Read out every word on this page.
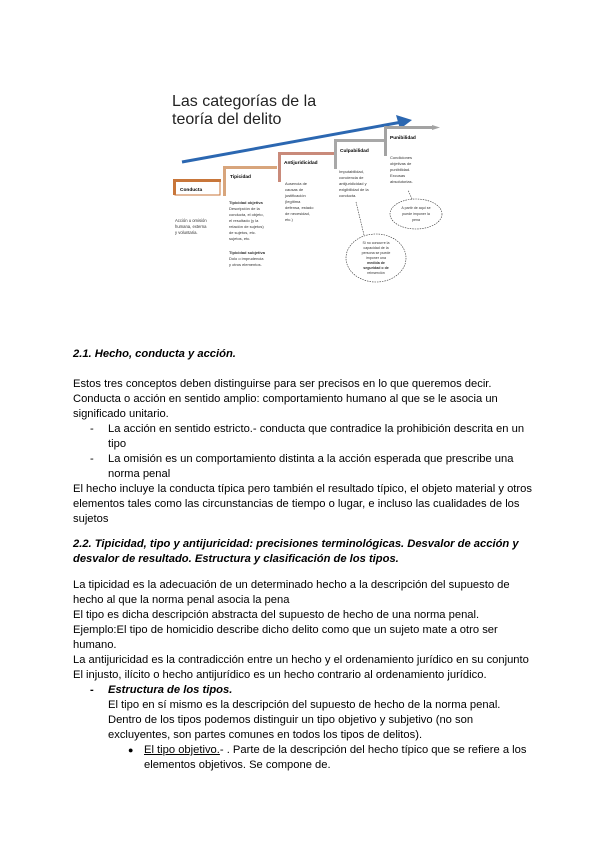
Las categorías de la
teoría del delito
Conducta
Tipicidad
Antijuridicidad
Culpabilidad
Punibilidad
Acción u omisión
humana, externa
y voluntaria.
Tipicidad objetiva
Descripción de la
conducta, el objeto,
el resultado (y la
relación de sujetos)
de sujetos, etc.
sujetos, etc.
Tipicidad subjetiva
Dolo o imprudencia
y otros elementos.
Ausencia de
causas de
justificación
(legítima
defensa, estado
de necesidad,
etc.)
Imputabilidad,
conciencia de
antijuridicidad y
exigibilidad de la
conducta.
Condiciones
objetivas de
punibilidad.
Excusas
absolutorias.
A partir de aquí se
puede imponer la
pena
Si no concurre la
capacidad de la
persona se puede
imponer una
medida de
seguridad o de
reinserción

2.1. Hecho, conducta y acción.

Estos tres conceptos deben distinguirse para ser precisos en lo que queremos decir.

Conducta o acción en sentido amplio: comportamiento humano al que se le asocia un

significado unitario.

- La acción en sentido estricto.- conducta que contradice la prohibición descrita en un

tipo

- La omisión es un comportamiento distinta a la acción esperada que prescribe una

norma penal

El hecho incluye la conducta típica pero también el resultado típico, el objeto material y otros

elementos tales como las circunstancias de tiempo o lugar, e incluso las cualidades de los

sujetos

2.2. Tipicidad, tipo y antijuricidad: precisiones terminológicas. Desvalor de acción y

desvalor de resultado. Estructura y clasificación de los tipos.

La tipicidad es la adecuación de un determinado hecho a la descripción del supuesto de

hecho al que la norma penal asocia la pena

El tipo es dicha descripción abstracta del supuesto de hecho de una norma penal.

Ejemplo:El tipo de homicidio describe dicho delito como que un sujeto mate a otro ser

humano.

La antijuricidad es la contradicción entre un hecho y el ordenamiento jurídico en su conjunto

El injusto, ilícito o hecho antijurídico es un hecho contrario al ordenamiento jurídico.

- Estructura de los tipos.

El tipo en sí mismo es la descripción del supuesto de hecho de la norma penal.

Dentro de los tipos podemos distinguir un tipo objetivo y subjetivo (no son

excluyentes, son partes comunes en todos los tipos de delitos).

● El tipo objetivo.- . Parte de la descripción del hecho típico que se refiere a los

elementos objetivos. Se compone de.
